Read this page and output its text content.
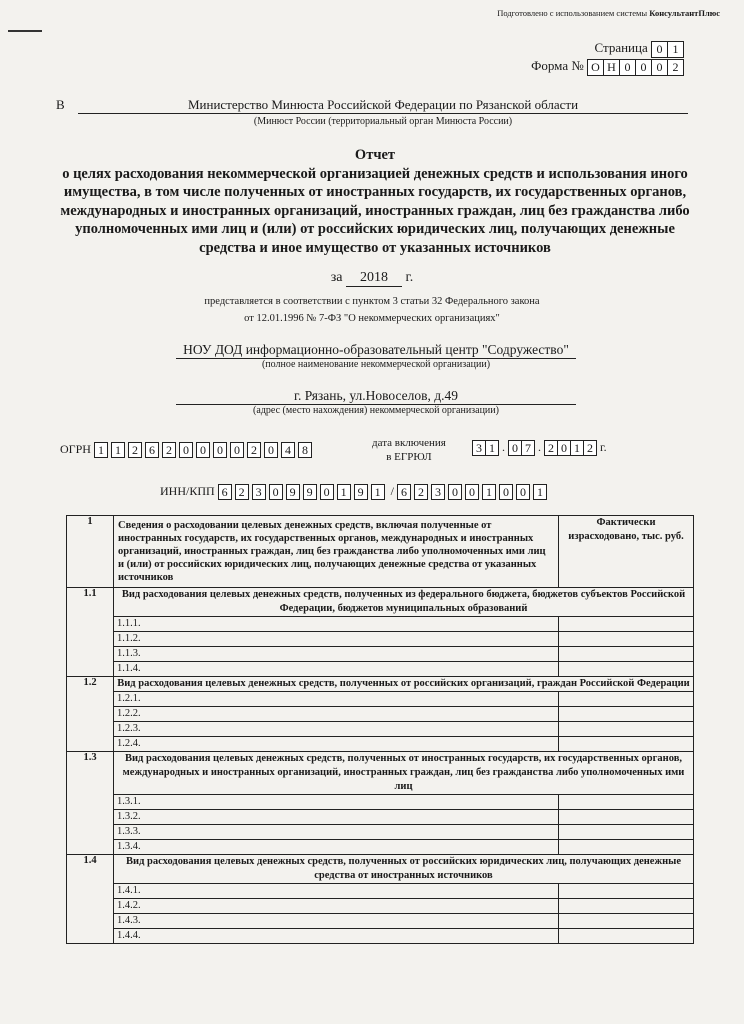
Подготовлено с использованием системы КонсультантПлюс
Страница 0 1
Форма № О Н 0 0 0 2
В	Министерство Минюста Российской Федерации по Рязанской области
(Минюст России (территориальный орган Минюста России)
Отчет
о целях расходования некоммерческой организацией денежных средств и использования иного имущества, в том числе полученных от иностранных государств, их государственных органов, международных и иностранных организаций, иностранных граждан, лиц без гражданства либо уполномоченных ими лиц и (или) от российских юридических лиц, получающих денежные средства и иное имущество от указанных источников
за 2018 г.
представляется в соответствии с пунктом 3 статьи 32 Федерального закона
от 12.01.1996 № 7-ФЗ "О некоммерческих организациях"
НОУ ДОД информационно-образовательный центр "Содружество"
(полное наименование некоммерческой организации)
г. Рязань, ул.Новоселов, д.49
(адрес (место нахождения) некоммерческой организации)
ОГРН 1 1 2 6 2 0 0 0 0 2 0 4 8
дата включения
в ЕГРЮЛ
3 1 . 0 7 . 2 0 1 2 г.
ИНН/КПП 6 2 3 0 9 9 0 1 9 1 / 6 2 3 0 0 1 0 0 1
1	Сведения о расходовании целевых денежных средств, включая полученные от иностранных государств, их государственных органов, международных и иностранных организаций, иностранных граждан, лиц без гражданства либо уполномоченных ими лиц и (или) от российских юридических лиц, получающих денежные средства от указанных источников	Фактически израсходовано, тыс. руб.
1.1	Вид расходования целевых денежных средств, полученных из федерального бюджета, бюджетов субъектов Российской Федерации, бюджетов муниципальных образований	
	1.1.1.	
	1.1.2.	
	1.1.3.	
	1.1.4.	
1.2	Вид расходования целевых денежных средств, полученных от российских организаций, граждан Российской Федерации	
	1.2.1.	
	1.2.2.	
	1.2.3.	
	1.2.4.	
1.3	Вид расходования целевых денежных средств, полученных от иностранных государств, их государственных органов, международных и иностранных организаций, иностранных граждан, лиц без гражданства либо уполномоченных ими лиц	
	1.3.1.	
	1.3.2.	
	1.3.3.	
	1.3.4.	
1.4	Вид расходования целевых денежных средств, полученных от российских юридических лиц, получающих денежные средства от иностранных источников	
	1.4.1.	
	1.4.2.	
	1.4.3.	
	1.4.4.	
